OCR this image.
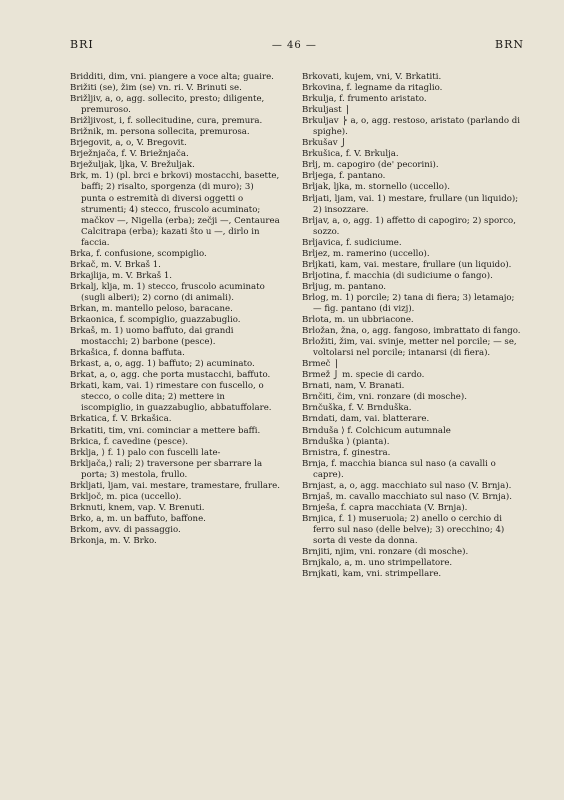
BRI	— 46 —	BRN
Bridditi, dim, vni. piangere a voce alta; guaire.
Brižiti (se), žim (se) vn. ri. V. Brinuti se.
Brižljiv, a, o, agg. sollecito, presto; diligente, premuroso.
Brižljivost, i, f. sollecitudine, cura, premura.
Brižnik, m. persona sollecita, premurosa.
Brjegovit, a, o, V. Bregovit.
Brježnjača, f. V. Briežnjača.
Brježuljak, ljka, V. Brežuljak.
Brk, m. 1) (pl. brci e brkovi) mostacchi, basette, baffi; 2) risalto, sporgenza (di muro); 3) punta o estremità di diversi oggetti o strumenti; 4) stecco, fruscolo acuminato; mačkov —, Nigella (erba); zečji —, Centaurea Calcitrapa (erba); kazati što u —, dirlo in faccia.
Brka, f. confusione, scompiglio.
Brkač, m. V. Brkaš 1.
Brkajlija, m. V. Brkaš 1.
Brkalj, klja, m. 1) stecco, fruscolo acuminato (sugli alberi); 2) corno (di animali).
Brkan, m. mantello peloso, baracane.
Brkaonica, f. scompiglio, guazzabuglio.
Brkaš, m. 1) uomo baffuto, dai grandi mostacchi; 2) barbone (pesce).
Brkašica, f. donna baffuta.
Brkast, a, o, agg. 1) baffuto; 2) acuminato.
Brkat, a, o, agg. che porta mustacchi, baffuto.
Brkati, kam, vai. 1) rimestare con fuscello, o stecco, o colle dita; 2) mettere in iscompiglio, in guazzabuglio, abbatuffolare.
Brkatica, f. V. Brkašica.
Brkatiti, tim, vni. cominciar a mettere baffi.
Brkica, f. cavedine (pesce).
Brklja, ⟩ f. 1) palo con fuscelli late-
Brkljača,⟩ rali; 2) traversone per sbarrare la porta; 3) mestola, frullo.
Brkljati, ljam, vai. mestare, tramestare, frullare.
Brkljoč, m. pica (uccello).
Brknuti, knem, vap. V. Brenuti.
Brko, a, m. un baffuto, baffone.
Brkom, avv. di passaggio.
Brkonja, m. V. Brko.
Brkovati, kujem, vni, V. Brkatiti.
Brkovina, f. legname da ritaglio.
Brkulja, f. frumento aristato.
Brkuljast ⎫
Brkuljav ⎬ a, o, agg. restoso, aristato (parlando di spighe).
Brkušav ⎭
Brkušica, f. V. Brkulja.
Brlj, m. capogiro (de' pecorini).
Brljega, f. pantano.
Brljak, ljka, m. stornello (uccello).
Brljati, ljam, vai. 1) mestare, frullare (un liquido); 2) insozzare.
Brljav, a, o, agg. 1) affetto di capogiro; 2) sporco, sozzo.
Brljavica, f. sudiciume.
Brljez, m. ramerino (uccello).
Brljkati, kam, vai. mestare, frullare (un liquido).
Brljotina, f. macchia (di sudiciume o fango).
Brljug, m. pantano.
Brlog, m. 1) porcile; 2) tana di fiera; 3) letamajo; — fig. pantano (di vizj).
Brlota, m. un ubbriacone.
Brložan, žna, o, agg. fangoso, imbrattato di fango.
Brložiti, žim, vai. svinje, metter nel porcile; — se, voltolarsi nel porcile; intanarsi (di fiera).
Brmeč ⎫
Brmež ⎭ m. specie di cardo.
Brnati, nam, V. Branati.
Brnčiti, čim, vni. ronzare (di mosche).
Brnčuška, f. V. Brnduška.
Brndati, dam, vai. blatterare.
Brnduša ⟩ f. Colchicum autumnale
Brnduška ⟩ (pianta).
Brnistra, f. ginestra.
Brnja, f. macchia bianca sul naso (a cavalli o capre).
Brnjast, a, o, agg. macchiato sul naso (V. Brnja).
Brnjaš, m. cavallo macchiato sul naso (V. Brnja).
Brnješa, f. capra macchiata (V. Brnja).
Brnjica, f. 1) museruola; 2) anello o cerchio di ferro sul naso (delle belve); 3) orecchino; 4) sorta di veste da donna.
Brnjiti, njim, vni. ronzare (di mosche).
Brnjkalo, a, m. uno strimpellatore.
Brnjkati, kam, vni. strimpellare.
